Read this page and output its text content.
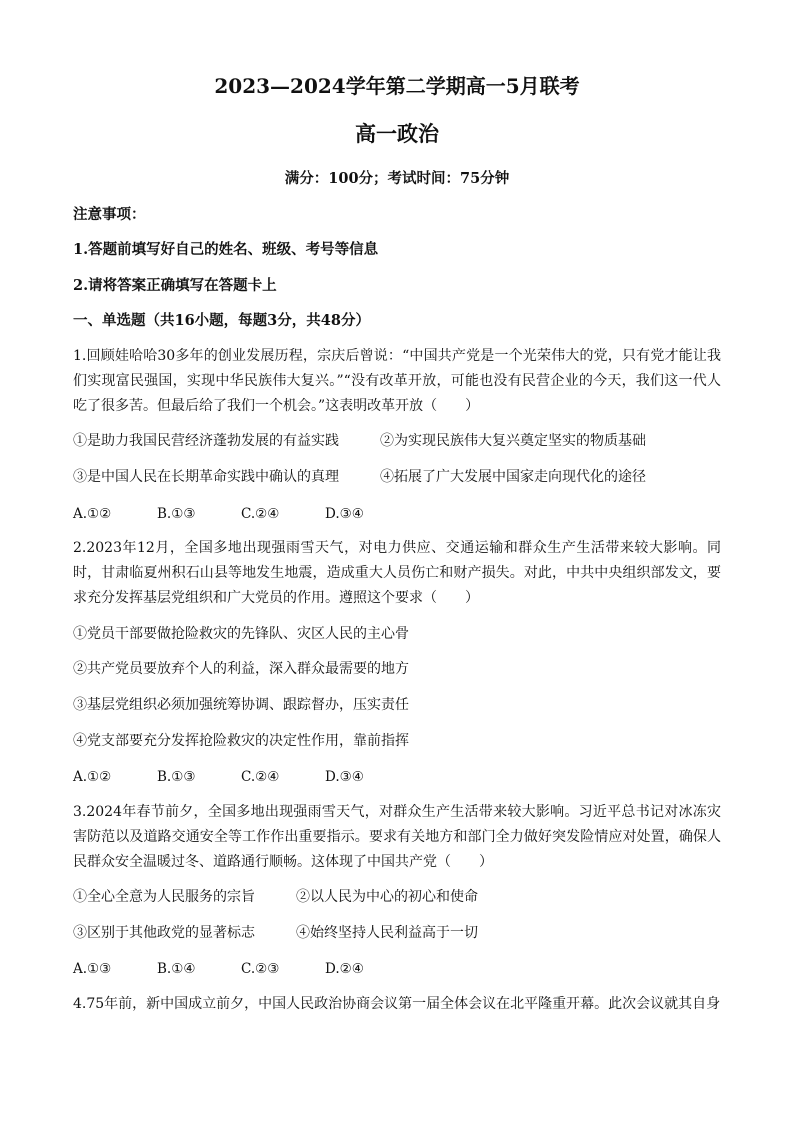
2023—2024学年第二学期高一5月联考
高一政治
满分：100分；考试时间：75分钟
注意事项：
1.答题前填写好自己的姓名、班级、考号等信息
2.请将答案正确填写在答题卡上
一、单选题（共16小题，每题3分，共48分）
1.回顾娃哈哈30多年的创业发展历程，宗庆后曾说：“中国共产党是一个光荣伟大的党，只有党才能让我们实现富民强国，实现中华民族伟大复兴。”“没有改革开放，可能也没有民营企业的今天，我们这一代人吃了很多苦。但最后给了我们一个机会。”这表明改革开放（　　）
①是助力我国民营经济蓬勃发展的有益实践	②为实现民族伟大复兴奠定坚实的物质基础
③是中国人民在长期革命实践中确认的真理	④拓展了广大发展中国家走向现代化的途径
A.①②	B.①③	C.②④	D.③④
2.2023年12月，全国多地出现强雨雪天气，对电力供应、交通运输和群众生产生活带来较大影响。同时，甘肃临夏州积石山县等地发生地震，造成重大人员伤亡和财产损失。对此，中共中央组织部发文，要求充分发挥基层党组织和广大党员的作用。遵照这个要求（　　）
①党员干部要做抢险救灾的先锋队、灾区人民的主心骨
②共产党员要放弃个人的利益，深入群众最需要的地方
③基层党组织必须加强统筹协调、跟踪督办，压实责任
④党支部要充分发挥抢险救灾的决定性作用，靠前指挥
A.①②	B.①③	C.②④	D.③④
3.2024年春节前夕，全国多地出现强雨雪天气，对群众生产生活带来较大影响。习近平总书记对冰冻灾害防范以及道路交通安全等工作作出重要指示。要求有关地方和部门全力做好突发险情应对处置，确保人民群众安全温暖过冬、道路通行顺畅。这体现了中国共产党（　　）
①全心全意为人民服务的宗旨	②以人民为中心的初心和使命
③区别于其他政党的显著标志	④始终坚持人民利益高于一切
A.①③	B.①④	C.②③	D.②④
4.75年前，新中国成立前夕，中国人民政治协商会议第一届全体会议在北平隆重开幕。此次会议就其自身
